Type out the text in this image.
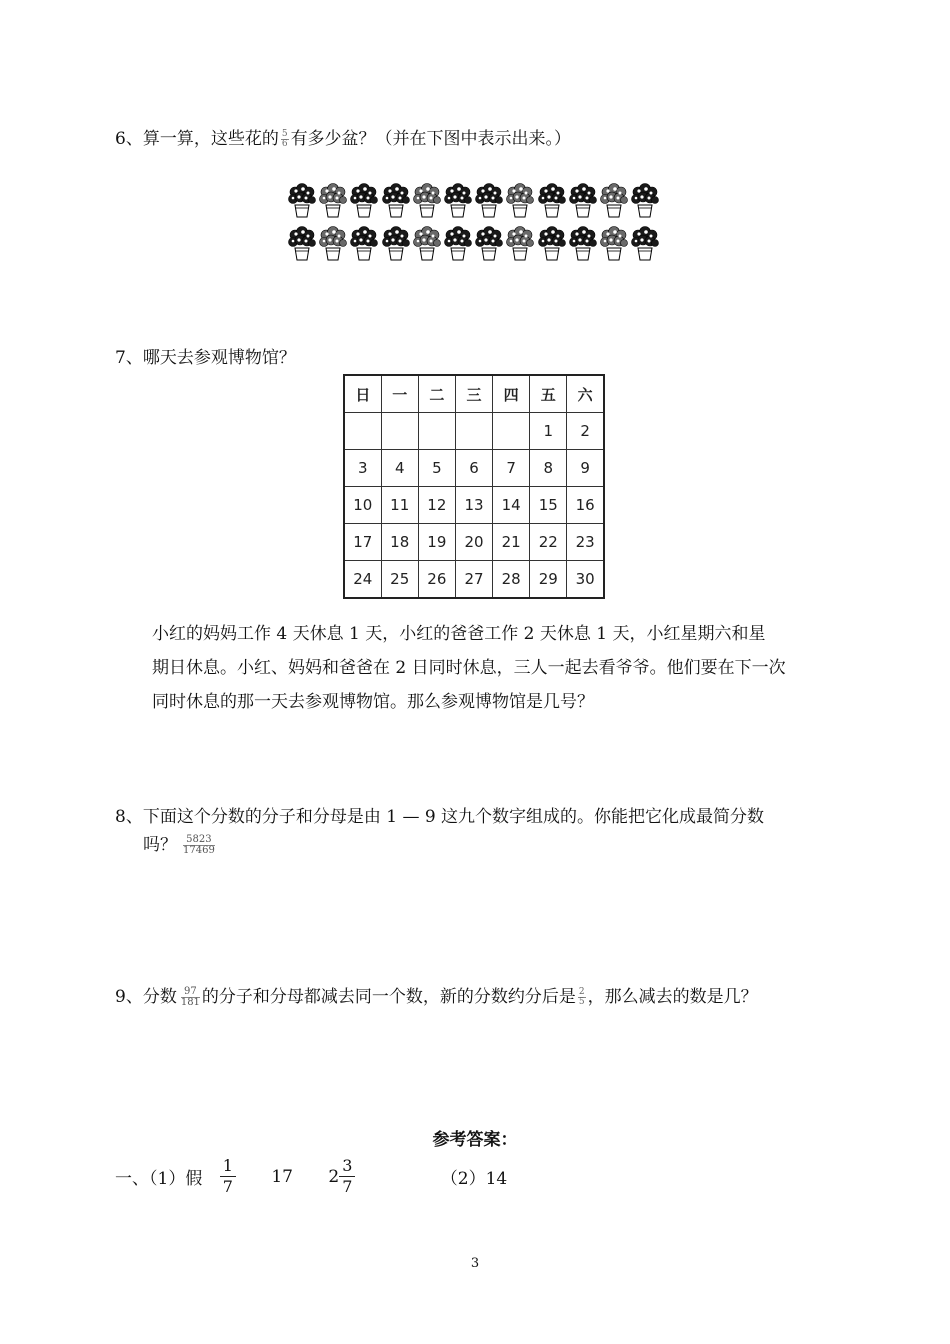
6、算一算，这些花的 $\frac{5}{6}$ 有多少盆？（并在下图中表示出来。）
7、哪天去参观博物馆？
日	一	二	三	四	五	六
					1	2
3	4	5	6	7	8	9
10	11	12	13	14	15	16
17	18	19	20	21	22	23
24	25	26	27	28	29	30
小红的妈妈工作 4 天休息 1 天，小红的爸爸工作 2 天休息 1 天，小红星期六和星
期日休息。小红、妈妈和爸爸在 2 日同时休息，三人一起去看爷爷。他们要在下一次
同时休息的那一天去参观博物馆。那么参观博物馆是几号？
8、下面这个分数的分子和分母是由 1 — 9 这九个数字组成的。你能把它化成最简分数
吗？ $\frac{5823}{17469}$
9、分数 $\frac{97}{181}$ 的分子和分母都减去同一个数，新的分数约分后是 $\frac{2}{5}$ ，那么减去的数是几？
参考答案：
一、（1）假 $\frac{1}{7} 17$ $2 \frac{3}{7}$	（2）14
3
